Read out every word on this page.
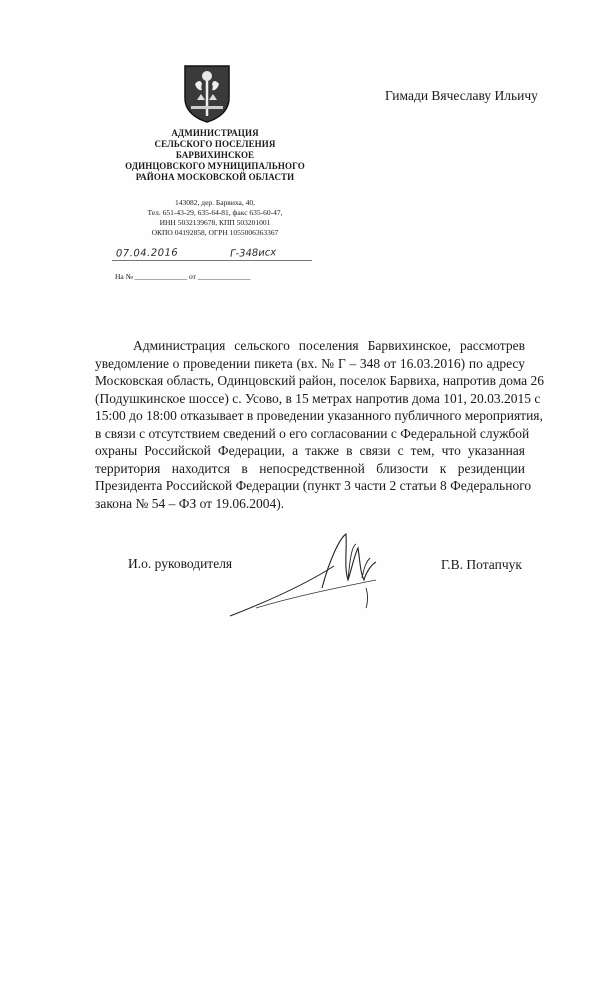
АДМИНИСТРАЦИЯ
СЕЛЬСКОГО ПОСЕЛЕНИЯ
БАРВИХИНСКОЕ
ОДИНЦОВСКОГО МУНИЦИПАЛЬНОГО
РАЙОНА МОСКОВСКОЙ ОБЛАСТИ
143082, дер. Барвиха, 40,
Тел. 651-43-29, 635-64-81, факс 635-60-47,
ИНН 5032139678, КПП 503201001
ОКПО 04192858, ОГРН 1055006363367
07.04.2016	Г-348исх
На № ______________ от ______________
Гимади Вячеславу Ильичу
Администрация сельского поселения Барвихинское, рассмотрев
уведомление о проведении пикета (вх. № Г – 348 от 16.03.2016) по адресу
Московская область, Одинцовский район, поселок Барвиха, напротив дома 26
(Подушкинское шоссе) с. Усово, в 15 метрах напротив дома 101, 20.03.2015 с
15:00 до 18:00 отказывает в проведении указанного публичного мероприятия,
в связи с отсутствием сведений о его согласовании с Федеральной службой
охраны Российской Федерации, а также в связи с тем, что указанная
территория находится в непосредственной близости к резиденции
Президента Российской Федерации (пункт 3 части 2 статьи 8 Федерального
закона № 54 – ФЗ от 19.06.2004).
И.о. руководителя	Г.В. Потапчук
